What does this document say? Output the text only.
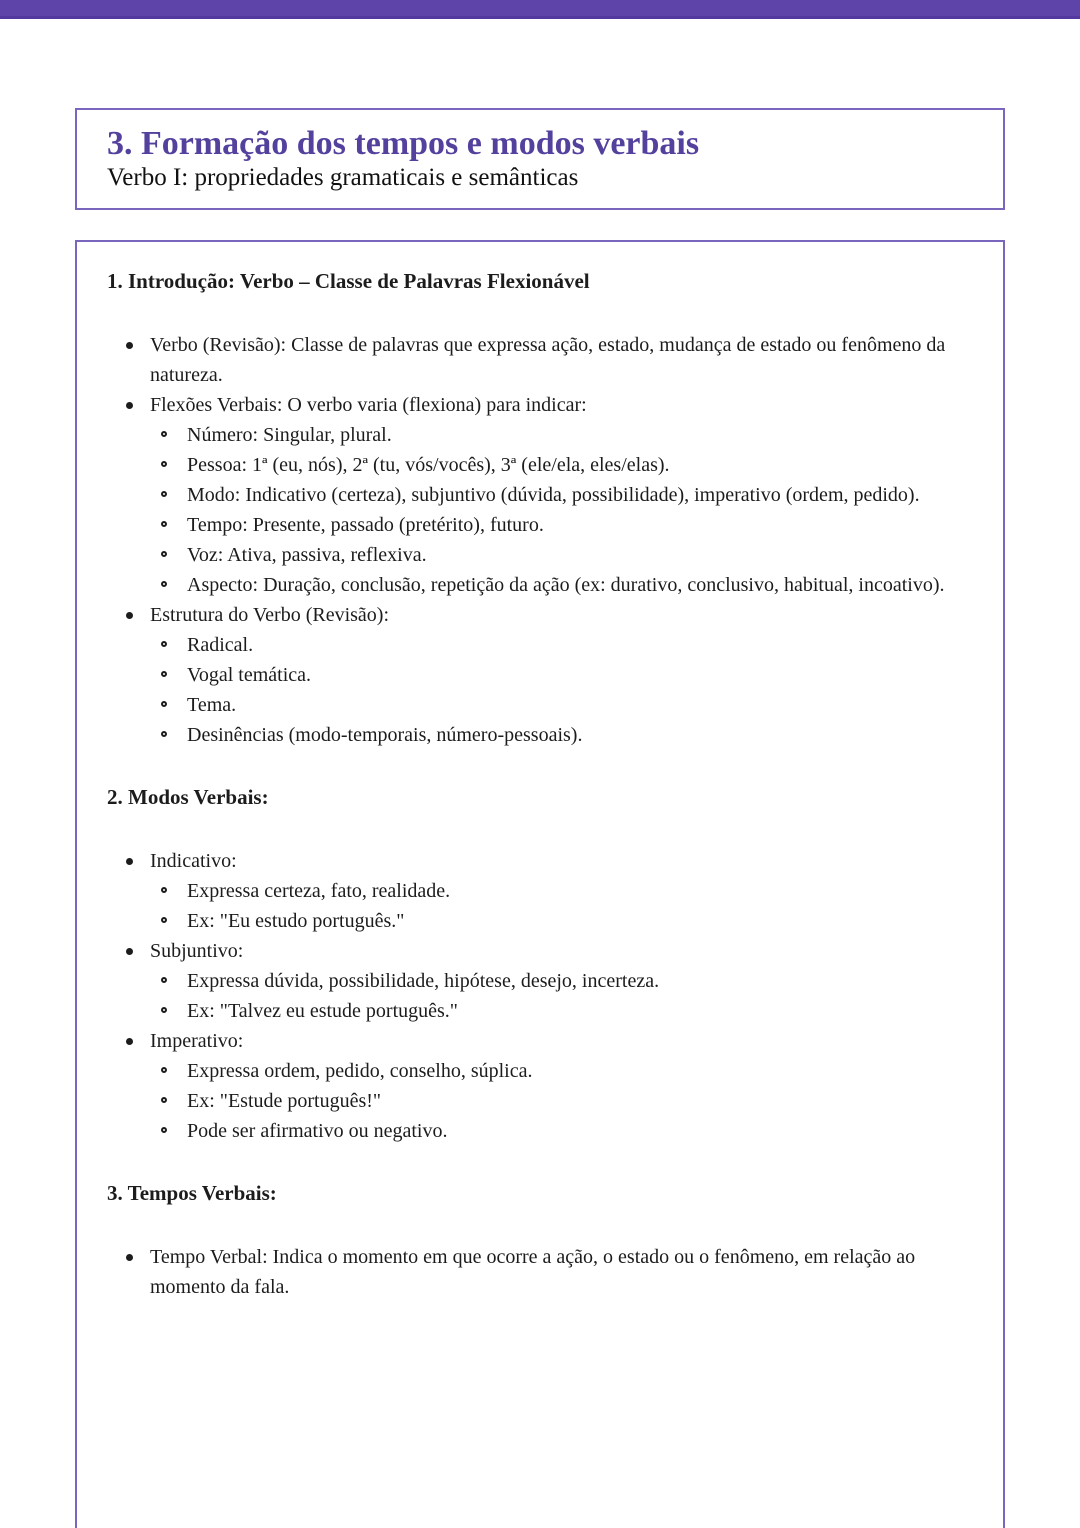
3. Formação dos tempos e modos verbais
Verbo I: propriedades gramaticais e semânticas
1. Introdução: Verbo – Classe de Palavras Flexionável
Verbo (Revisão): Classe de palavras que expressa ação, estado, mudança de estado ou fenômeno da natureza.
Flexões Verbais: O verbo varia (flexiona) para indicar:
Número: Singular, plural.
Pessoa: 1ª (eu, nós), 2ª (tu, vós/vocês), 3ª (ele/ela, eles/elas).
Modo: Indicativo (certeza), subjuntivo (dúvida, possibilidade), imperativo (ordem, pedido).
Tempo: Presente, passado (pretérito), futuro.
Voz: Ativa, passiva, reflexiva.
Aspecto: Duração, conclusão, repetição da ação (ex: durativo, conclusivo, habitual, incoativo).
Estrutura do Verbo (Revisão):
Radical.
Vogal temática.
Tema.
Desinências (modo-temporais, número-pessoais).
2. Modos Verbais:
Indicativo:
Expressa certeza, fato, realidade.
Ex: "Eu estudo português."
Subjuntivo:
Expressa dúvida, possibilidade, hipótese, desejo, incerteza.
Ex: "Talvez eu estude português."
Imperativo:
Expressa ordem, pedido, conselho, súplica.
Ex: "Estude português!"
Pode ser afirmativo ou negativo.
3. Tempos Verbais:
Tempo Verbal: Indica o momento em que ocorre a ação, o estado ou o fenômeno, em relação ao momento da fala.
